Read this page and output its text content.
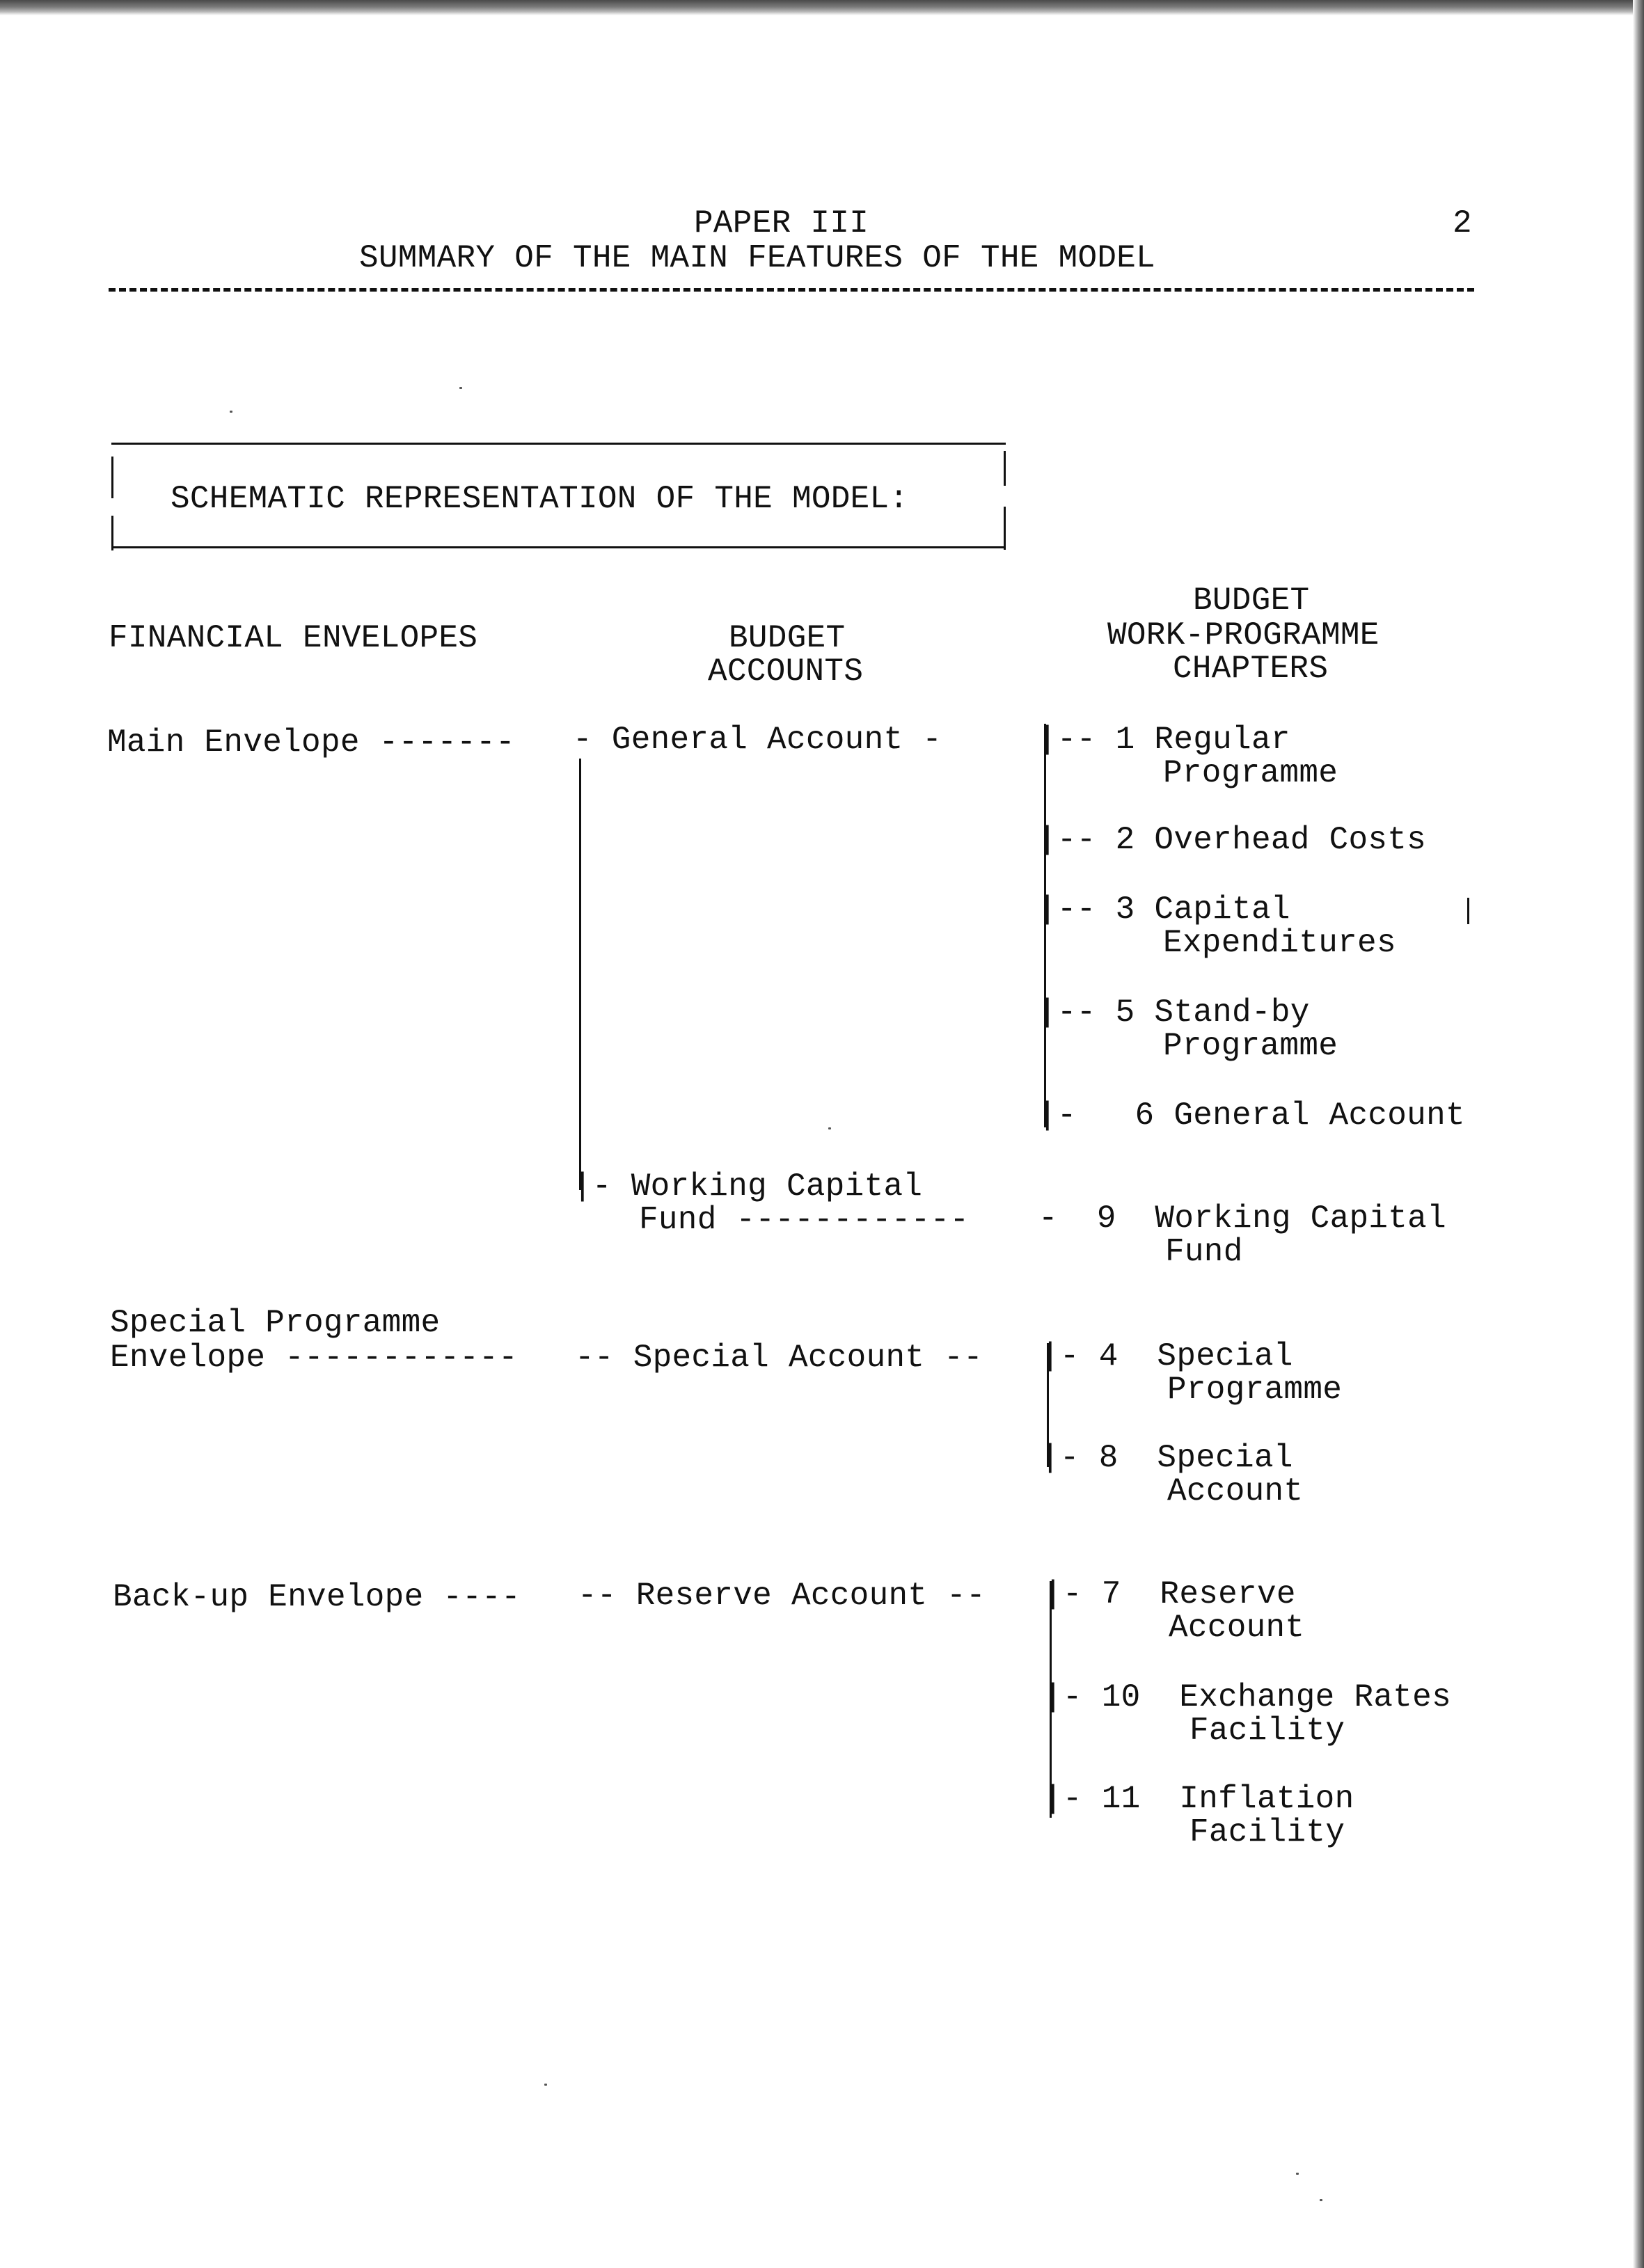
PAPER III
SUMMARY OF THE MAIN FEATURES OF THE MODEL
2
SCHEMATIC REPRESENTATION OF THE MODEL:
FINANCIAL ENVELOPES	BUDGET
ACCOUNTS
BUDGET
WORK-PROGRAMME
CHAPTERS
Main Envelope ------- - General Account -
|- Working Capital
Fund ------------
|-- 1 Regular
Programme
|-- 2 Overhead Costs
|-- 3 Capital
Expenditures
|-- 5 Stand-by
Programme
|-   6 General Account
-  9  Working Capital
Fund
Special Programme
Envelope ------------ -- Special Account -- |- 4  Special
Programme
|- 8  Special
Account
Back-up Envelope ---- -- Reserve Account -- |- 7  Reserve
Account
|- 10  Exchange Rates
Facility
|- 11  Inflation
Facility
